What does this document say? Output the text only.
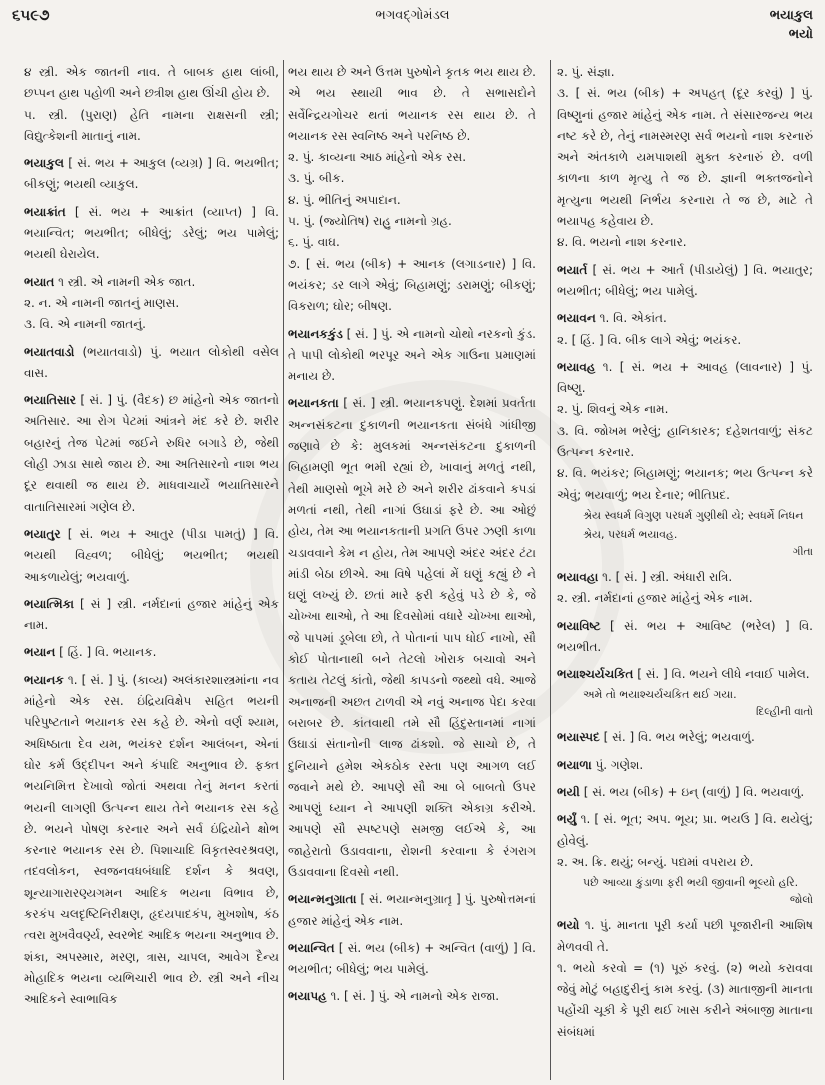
૬૫૯૭	ભગવદ્ગોમંડલ	ભયાકુલ
ભયો

૪ સ્ત્રી. એક જાતની નાવ. તે બાબક હાથ લાંબી, છપ્પન હાથ પહોળી અને છત્રીશ હાથ ઊંચી હોય છે.

૫. સ્ત્રી. (પુરાણ) હેતિ નામના રાક્ષસની સ્ત્રી; વિદ્યુત્કેશની માતાનું નામ.

ભયાકુલ [ સં. ભય + આકુલ (વ્યગ્ર) ] વિ. ભયભીત; બીકણું; ભયથી વ્યાકુલ.

ભયાક્રાંત [ સં. ભય + આક્રાંત (વ્યાપ્ત) ] વિ. ભયાન્વિત; ભયભીત; બીધેલું; ડરેલું; ભય પામેલું; ભયથી ઘેરાયેલ.

ભયાત ૧ સ્ત્રી. એ નામની એક જાત.

૨. ન. એ નામની જાતનું માણસ.

૩. વિ. એ નામની જાતનું.

ભયાતવાડો (ભયાતવાડો) પું. ભયાત લોકોથી વસેલ વાસ.

ભયાતિસાર [ સં. ] પું. (વૈદક) છ માંહેનો એક જાતનો અતિસાર. આ રોગ પેટમાં આંત્રને મંદ કરે છે. શરીર બહારનું તેજ પેટમાં જઈને રુધિર બગાડે છે, જેથી લોહી ઝાડા સાથે જાય છે. આ અતિસારનો નાશ ભય દૂર થવાથી જ થાય છે. માધવાચાર્યે ભયાતિસારને વાતાતિસારમાં ગણેલ છે.

ભયાતુર [ સં. ભય + આતુર (પીડા પામતું) ] વિ. ભયથી વિહ્વળ; બીધેલું; ભયભીત; ભયથી આકળાયેલું; ભયવાળું.

ભયાત્મિકા [ સં ] સ્ત્રી. નર્મદાનાં હજાર માંહેનું એક નામ.

ભયાન [ હિં. ] વિ. ભયાનક.

ભયાનક ૧. [ સં. ] પું. (કાવ્ય) અલંકારશાસ્ત્રમાંના નવ માંહેનો એક રસ. ઇંદ્રિયવિક્ષેપ સહિત ભયની પરિપુષ્ટતાને ભયાનક રસ કહે છે. એનો વર્ણ શ્યામ, અધિષ્ઠાતા દેવ યમ, ભયંકર દર્શન આલંબન, એનાં ઘોર કર્મ ઉદ્દીપન અને કંપાદિ અનુભાવ છે. ફક્ત ભયનિમિત્ત દેખાવો જોતાં અથવા તેનું મનન કરતાં ભયની લાગણી ઉત્પન્ન થાય તેને ભયાનક રસ કહે છે. ભયને પોષણ કરનાર અને સર્વ ઇંદ્રિયોને ક્ષોભ કરનાર ભયાનક રસ છે. પિશાચાદિ વિકૃતસ્વરશ્રવણ, તદવલોકન, સ્વજનવધબંધાદિ દર્શન કે શ્રવણ, શૂન્યાગારારણ્યગમન આદિક ભયના વિભાવ છે, કરકંપ ચલદૃષ્ટિનિરીક્ષણ, હૃદયપાદકંપ, મુખશોષ, કંઠ ત્વરા મુખવૈવર્ણ્ય, સ્વરભેદ આદિક ભયના અનુભાવ છે. શંકા, અપસ્માર, મરણ, ત્રાસ, ચાપલ, આવેગ દૈન્ય મોહાદિક ભયના વ્યભિચારી ભાવ છે. સ્ત્રી અને નીચ આદિકને સ્વાભાવિક

ભય થાય છે અને ઉત્તમ પુરુષોને કૃતક ભય થાય છે. એ ભય સ્થાયી ભાવ છે. તે સભાસદોને સર્વેન્દ્રિયગોચર થતાં ભયાનક રસ થાય છે. તે ભયાનક રસ સ્વનિષ્ઠ અને પરનિષ્ઠ છે.

૨. પું. કાવ્યના આઠ માંહેનો એક રસ.

૩. પું. બીક.

૪. પું. ભીતિનું અપાદાન.

૫. પું. (જ્યોતિષ) રાહુ નામનો ગ્રહ.

૬. પું. વાઘ.

૭. [ સં. ભય (બીક) + આનક (લગાડનાર) ] વિ. ભયંકર; ડર લાગે એવું; બિહામણું; ડરામણું; બીકણું; વિકરાળ; ઘોર; બીષણ.

ભયાનકકુંડ [ સં. ] પું. એ નામનો ચોથો નરકનો કુંડ. તે પાપી લોકોથી ભરપૂર અને એક ગાઉના પ્રમાણમાં મનાય છે.

ભયાનકતા [ સં. ] સ્ત્રી. ભયાનકપણું. દેશમાં પ્રવર્તતા અન્નસંકટના દુકાળની ભયાનકતા સંબંધે ગાંધીજી જણાવે છે કે: મુલકમાં અન્નસંકટના દુકાળની બિહામણી ભૂત ભમી રહ્યાં છે, ખાવાનું મળતું નથી, તેથી માણસો ભૂખે મરે છે અને શરીર ઢાંકવાને કપડાં મળતાં નથી, તેથી નાગાં ઉઘાડાં ફરે છે. આ ઓછું હોય, તેમ આ ભયાનકતાની પ્રગતિ ઉપર ઝણી કાળા ચડાવવાને કેમ ન હોય, તેમ આપણે અંદર અંદર ટંટા માંડી બેઠા છીએ. આ વિષે પહેલાં મેં ઘણું કહ્યું છે ને ઘણું લખ્યું છે. છતાં મારે ફરી કહેવું પડે છે કે, જે ચોખ્ખા થાઓ, તે આ દિવસોમાં વધારે ચોખ્ખા થાઓ, જે પાપમાં ડૂબેલા છો, તે પોતાનાં પાપ ધોઈ નાખો, સૌ કોઈ પોતાનાથી બને તેટલો ખોરાક બચાવો અને કતાય તેટલું કાંતો, જેથી કાપડનો જથ્થો વધે. આજે અનાજની અછત ટાળવી એ નવું અનાજ પેદા કરવા બરાબર છે. કાંતવાથી તમે સૌ હિંદુસ્તાનમાં નાગાં ઉઘાડાં સંતાનોની લાજ ઢાંકશો. જે સાચો છે, તે દુનિયાને હમેશ એકઠોક રસ્તા પણ આગળ લઈ જવાને મથે છે. આપણે સૌ આ બે બાબતો ઉપર આપણું ધ્યાન ને આપણી શક્તિ એકાગ્ર કરીએ. આપણે સૌ સ્પષ્ટપણે સમજી લઈએ કે, આ જાહેરાતો ઉડાવવાના, રોશની કરવાના કે રંગરાગ ઉડાવવાના દિવસો નથી.

ભયાન્મનુગ્રાતા [ સં. ભયાન્મનુગ્રાતૃ ] પું. પુરુષોત્તમનાં હજાર માંહેનું એક નામ.

ભયાન્વિત [ સં. ભય (બીક) + અન્વિત (વાળું) ] વિ. ભયભીત; બીધેલું; ભય પામેલું.

ભયાપહ ૧. [ સં. ] પું. એ નામનો એક રાજા.

૨. પું. સંજ્ઞા.

૩. [ સં. ભય (બીક) + અપહત્ (દૂર કરવું) ] પું. વિષ્ણુનાં હજાર માંહેનું એક નામ. તે સંસારજન્ય ભય નષ્ટ કરે છે, તેનું નામસ્મરણ સર્વ ભયનો નાશ કરનારું અને અંતકાળે યમપાશથી મુક્ત કરનારું છે. વળી કાળના કાળ મૃત્યુ તે જ છે. જ્ઞાની ભક્તજનોને મૃત્યુના ભયથી નિર્ભય કરનારા તે જ છે, માટે તે ભયાપહ કહેવાય છે.

૪. વિ. ભયનો નાશ કરનાર.

ભયાર્ત [ સં. ભય + આર્ત (પીડાયેલું) ] વિ. ભયાતુર; ભયભીત; બીધેલું; ભય પામેલું.

ભયાવન ૧. વિ. એકાંત.

૨. [ હિં. ] વિ. બીક લાગે એવું; ભયંકર.

ભયાવહ ૧. [ સં. ભય + આવહ (લાવનાર) ] પું. વિષ્ણુ.

૨. પું. શિવનું એક નામ.

૩. વિ. જોખમ ભરેલું; હાનિકારક; દહેશતવાળું; સંકટ ઉત્પન્ન કરનાર.

૪. વિ. ભયંકર; બિહામણું; ભયાનક; ભય ઉત્પન્ન કરે એવું; ભયવાળું; ભય દેનાર; ભીતિપ્રદ.

શ્રેય સ્વધર્મ વિગુણ પરધર્મ ગુણીથી યે; સ્વધર્મે નિધન શ્રેય, પરધર્મ ભયાવહ.

ગીતા

ભયાવહા ૧. [ સં. ] સ્ત્રી. અંધારી રાત્રિ.

૨. સ્ત્રી. નર્મદાનાં હજાર માંહેનું એક નામ.

ભયાવિષ્ટ [ સં. ભય + આવિષ્ટ (ભરેલ) ] વિ. ભયભીત.

ભયાશ્ચર્યચકિત [ સં. ] વિ. ભયને લીધે નવાઈ પામેલ.

અમે તો ભયાશ્ચર્યચકિત થઈ ગયા.

દિલ્હીની વાતો

ભયાસ્પદ [ સં. ] વિ. ભય ભરેલું; ભયવાળું.

ભયાળા પું. ગણેશ.

ભયી [ સં. ભય (બીક) + ઇન્ (વાળું) ] વિ. ભયવાળું.

ભર્યું ૧. [ સં. ભૂત; અપ. ભૂય; પ્રા. ભયઉ ] વિ. થયેલું; હોવેલું.

૨. અ. ક્રિ. થયું; બન્યું. પદ્યમાં વપરાય છે.

પછે આવ્યા કુંડાળા ફરી ભયી જીવાની ભૂલ્યો હરિ.

જોલો

ભયો ૧. પું. માનતા પૂરી કર્યા પછી પૂજારીની આશિષ મેળવવી તે.

૧. ભયો કરવો = (૧) પૂરું કરવું. (૨) ભયો કરાવવા જેવું મોટું બહાદુરીનું કામ કરવું. (૩) માતાજીની માનતા પહોંચી ચૂકી કે પૂરી થઈ ખાસ કરીને અંબાજી માતાના સંબંધમાં
